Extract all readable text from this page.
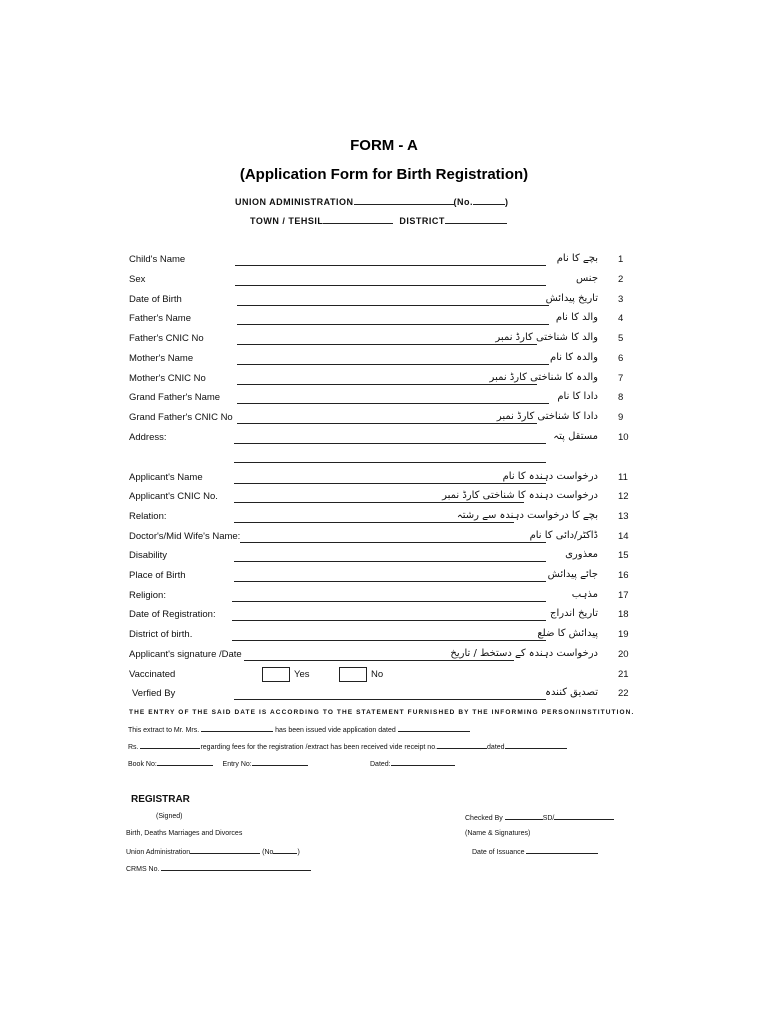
FORM - A
(Application Form for Birth Registration)
UNION ADMINISTRATION	(No.	)
TOWN / TEHSIL	DISTRICT
Child's Name	بچے کا نام 1
Sex	جنس 2
Date of Birth	تاریخ پیدائش 3
Father's Name	والد کا نام 4
Father's CNIC No	والد کا شناختی کارڈ نمبر 5
Mother's Name	والدہ کا نام 6
Mother's CNIC No	والدہ کا شناختی کارڈ نمبر 7
Grand Father's Name	دادا کا نام 8
Grand Father's CNIC No	دادا کا شناختی کارڈ نمبر 9
Address:	مستقل پتہ 10
Applicant's Name	درخواست دہندہ کا نام 11
Applicant's CNIC No.	درخواست دہندہ کا شناختی کارڈ نمبر 12
Relation:	بچے کا درخواست دہندہ سے رشتہ 13
Doctor's/Mid Wife's Name:	ڈاکٹر/دائی کا نام 14
Disability	معذوری 15
Place of Birth	جائے پیدائش 16
Religion:	مذہب 17
Date of Registration:	تاریخ اندراج 18
District of birth.	پیدائش کا ضلع 19
Applicant's signature /Date	درخواست دہندہ کے دستخط / تاریخ 20
Vaccinated	Yes	No	21
Verfied By	تصدیق کنندہ 22
THE ENTRY OF THE SAID DATE IS ACCORDING TO THE STATEMENT FURNISHED BY THE INFORMING PERSON/INSTITUTION.
This extract to Mr. Mrs.	has been issued vide application dated
Rs.	regarding fees for the registration /extract has been received vide receipt no.	dated
Book No:	Entry No:	Dated:
REGISTRAR
(Signed)
Birth, Deaths Marriages and Divorces
Union Administration	(No	)
CRMS No.
Checked By	SD/
(Name & Signatures)
Date of Issuance
